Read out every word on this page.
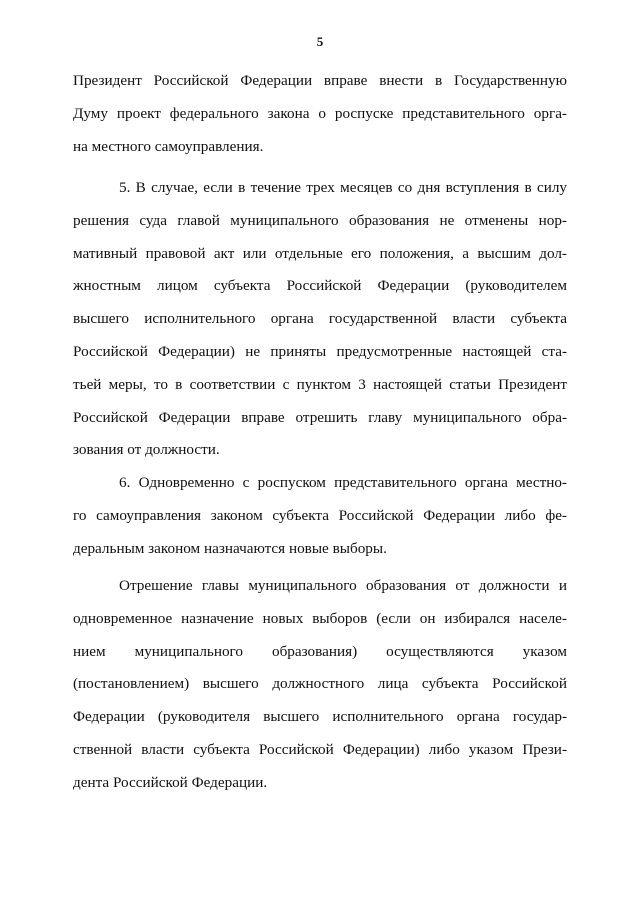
5
Президент Российской Федерации вправе внести в Государственную
Думу проект федерального закона о роспуске представительного орга-
на местного самоуправления.
5. В случае, если в течение трех месяцев со дня вступления в силу
решения суда главой муниципального образования не отменены нор-
мативный правовой акт или отдельные его положения, а высшим дол-
жностным лицом субъекта Российской Федерации (руководителем
высшего исполнительного органа государственной власти субъекта
Российской Федерации) не приняты предусмотренные настоящей ста-
тьей меры, то в соответствии с пунктом 3 настоящей статьи Президент
Российской Федерации вправе отрешить главу муниципального обра-
зования от должности.
6. Одновременно с роспуском представительного органа местно-
го самоуправления законом субъекта Российской Федерации либо фе-
деральным законом назначаются новые выборы.
Отрешение главы муниципального образования от должности и
одновременное назначение новых выборов (если он избирался населе-
нием муниципального образования) осуществляются указом
(постановлением) высшего должностного лица субъекта Российской
Федерации (руководителя высшего исполнительного органа государ-
ственной власти субъекта Российской Федерации) либо указом Прези-
дента Российской Федерации.
